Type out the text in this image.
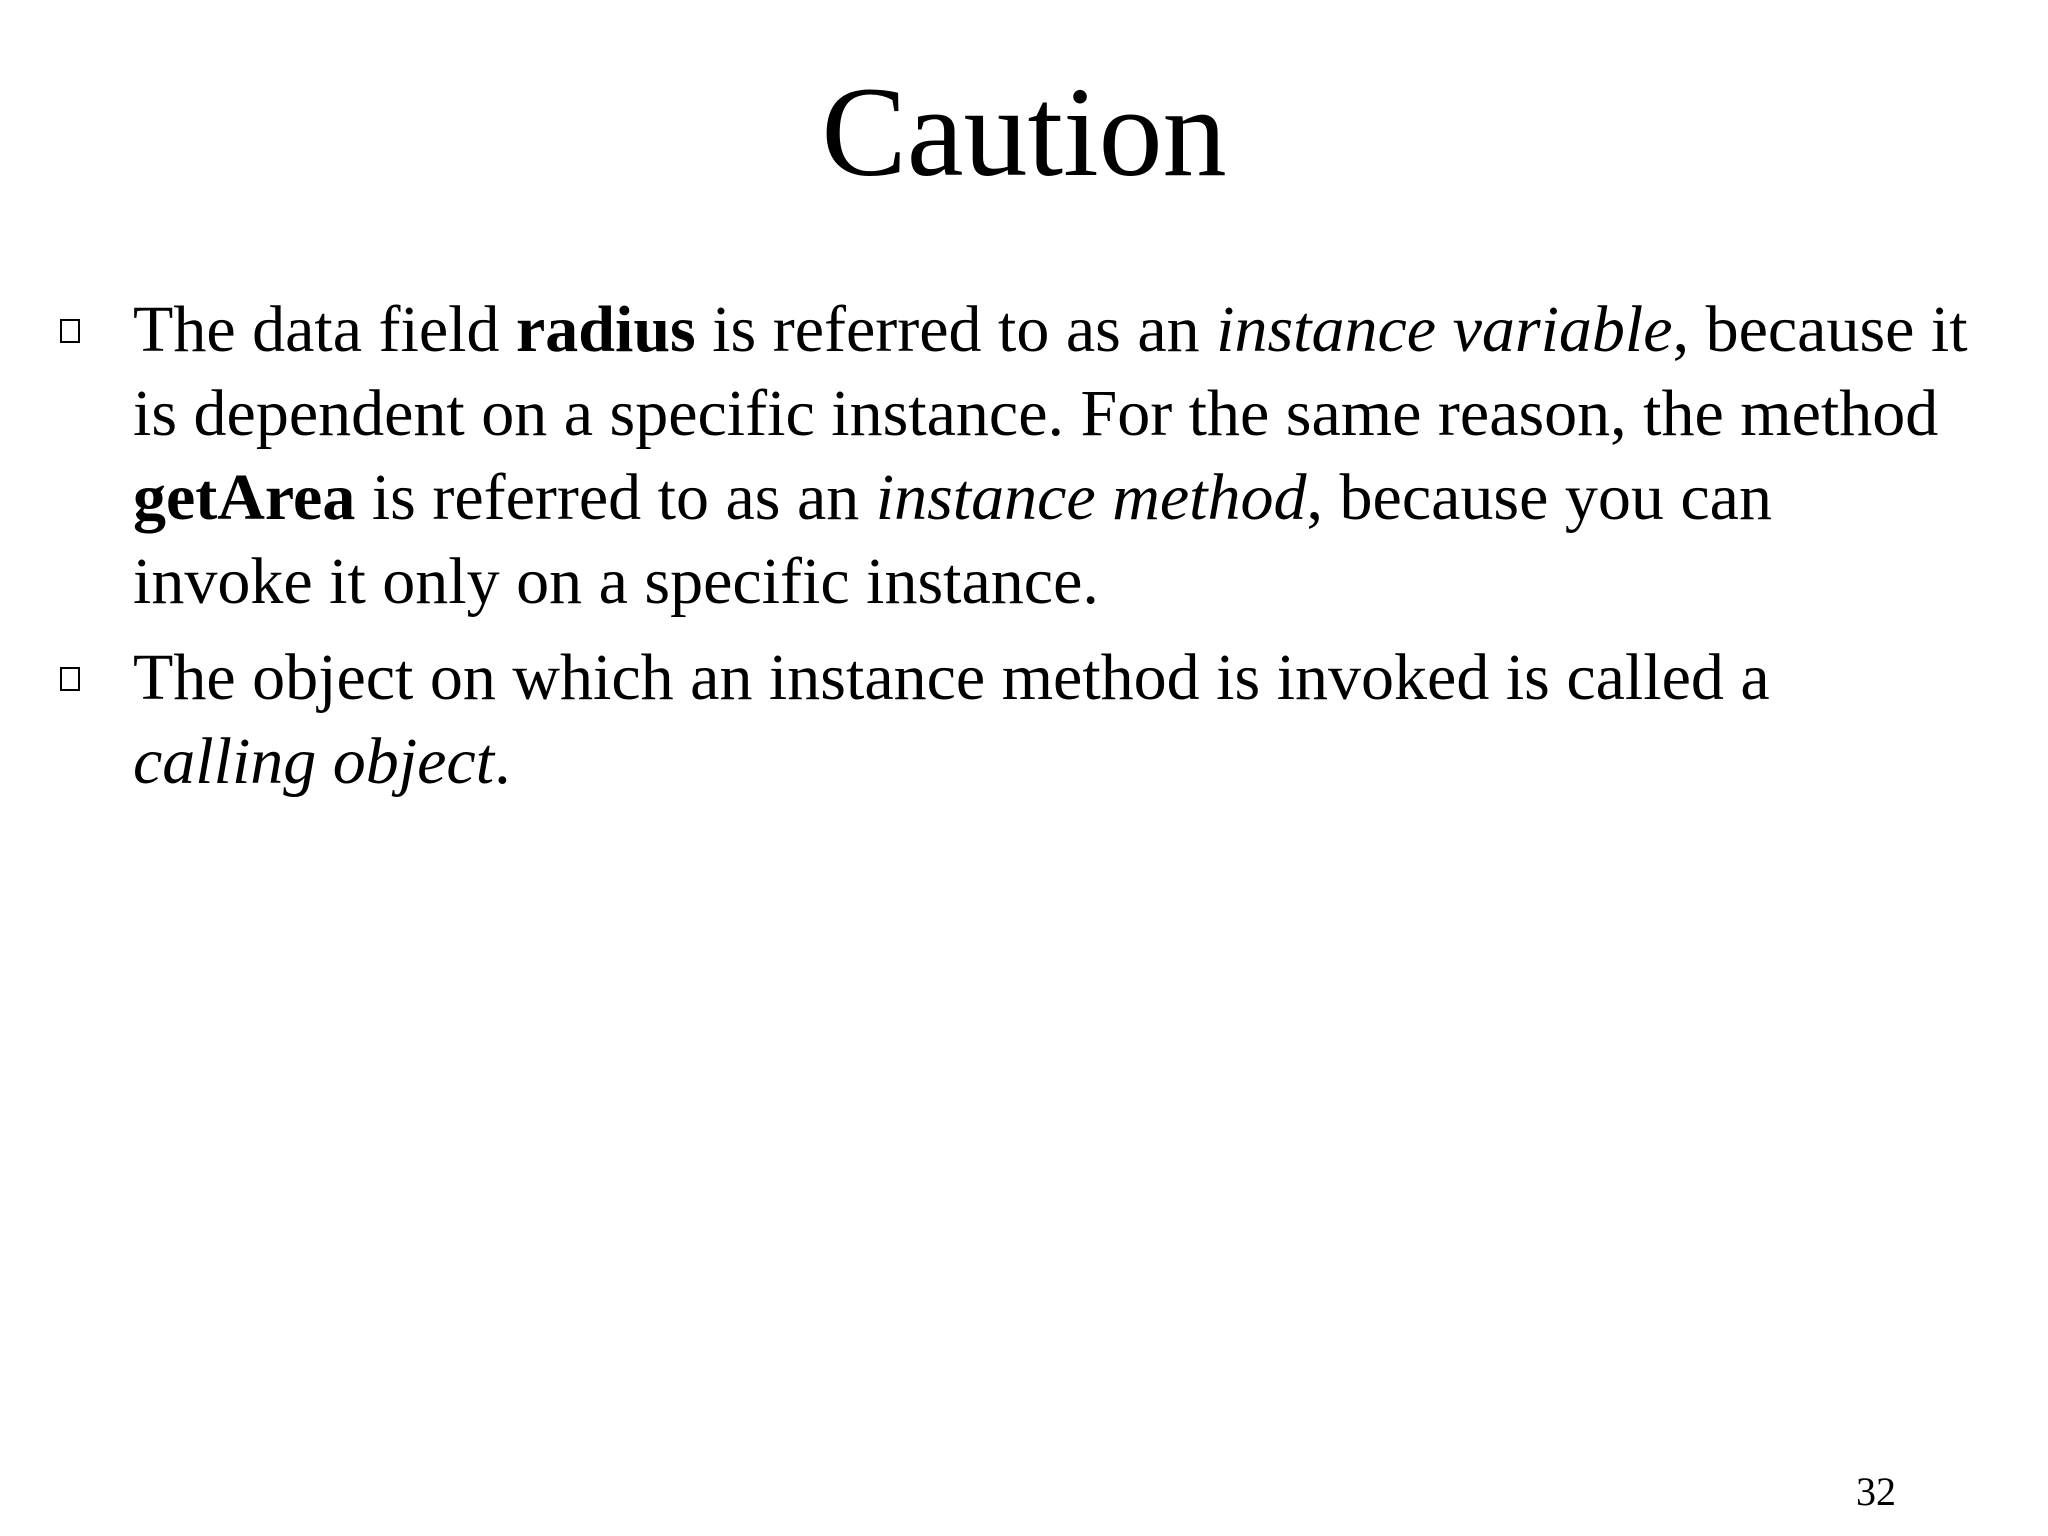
Caution
The data field radius is referred to as an instance variable, because it
is dependent on a specific instance. For the same reason, the method
getArea is referred to as an instance method, because you can
invoke it only on a specific instance.
The object on which an instance method is invoked is called a
calling object.
32
